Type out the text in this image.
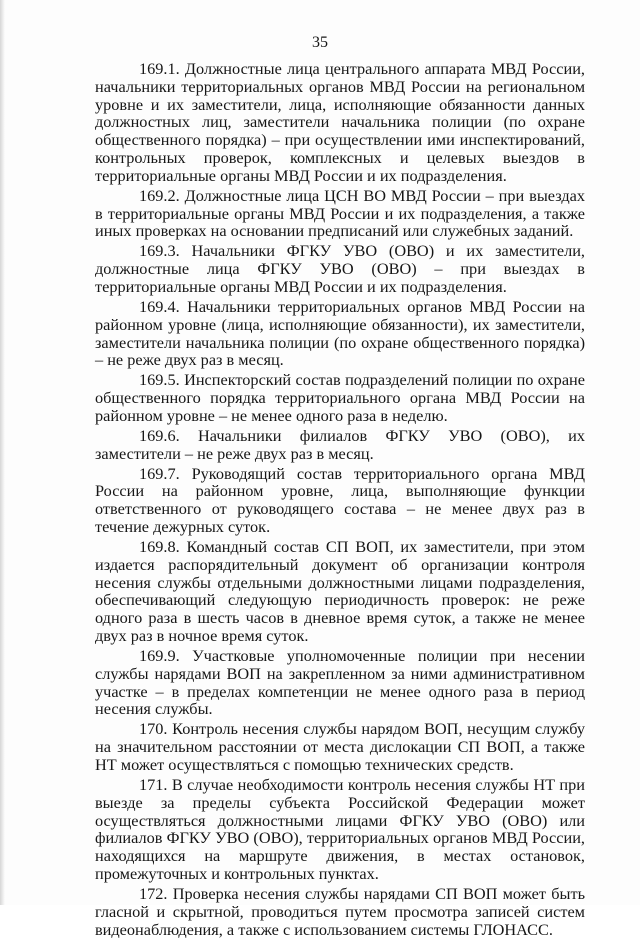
35

169.1. Должностные лица центрального аппарата МВД России, начальники территориальных органов МВД России на региональном уровне и их заместители, лица, исполняющие обязанности данных должностных лиц, заместители начальника полиции (по охране общественного порядка) – при осуществлении ими инспектирований, контрольных проверок, комплексных и целевых выездов в территориальные органы МВД России и их подразделения.

169.2. Должностные лица ЦСН ВО МВД России – при выездах в территориальные органы МВД России и их подразделения, а также иных проверках на основании предписаний или служебных заданий.

169.3. Начальники ФГКУ УВО (ОВО) и их заместители, должностные лица ФГКУ УВО (ОВО) – при выездах в территориальные органы МВД России и их подразделения.

169.4. Начальники территориальных органов МВД России на районном уровне (лица, исполняющие обязанности), их заместители, заместители начальника полиции (по охране общественного порядка) – не реже двух раз в месяц.

169.5. Инспекторский состав подразделений полиции по охране общественного порядка территориального органа МВД России на районном уровне – не менее одного раза в неделю.

169.6. Начальники филиалов ФГКУ УВО (ОВО), их заместители – не реже двух раз в месяц.

169.7. Руководящий состав территориального органа МВД России на районном уровне, лица, выполняющие функции ответственного от руководящего состава – не менее двух раз в течение дежурных суток.

169.8. Командный состав СП ВОП, их заместители, при этом издается распорядительный документ об организации контроля несения службы отдельными должностными лицами подразделения, обеспечивающий следующую периодичность проверок: не реже одного раза в шесть часов в дневное время суток, а также не менее двух раз в ночное время суток.

169.9. Участковые уполномоченные полиции при несении службы нарядами ВОП на закрепленном за ними административном участке – в пределах компетенции не менее одного раза в период несения службы.

170. Контроль несения службы нарядом ВОП, несущим службу на значительном расстоянии от места дислокации СП ВОП, а также НТ может осуществляться с помощью технических средств.

171. В случае необходимости контроль несения службы НТ при выезде за пределы субъекта Российской Федерации может осуществляться должностными лицами ФГКУ УВО (ОВО) или филиалов ФГКУ УВО (ОВО), территориальных органов МВД России, находящихся на маршруте движения, в местах остановок, промежуточных и контрольных пунктах.

172. Проверка несения службы нарядами СП ВОП может быть гласной и скрытной, проводиться путем просмотра записей систем видеонаблюдения, а также с использованием системы ГЛОНАСС.
